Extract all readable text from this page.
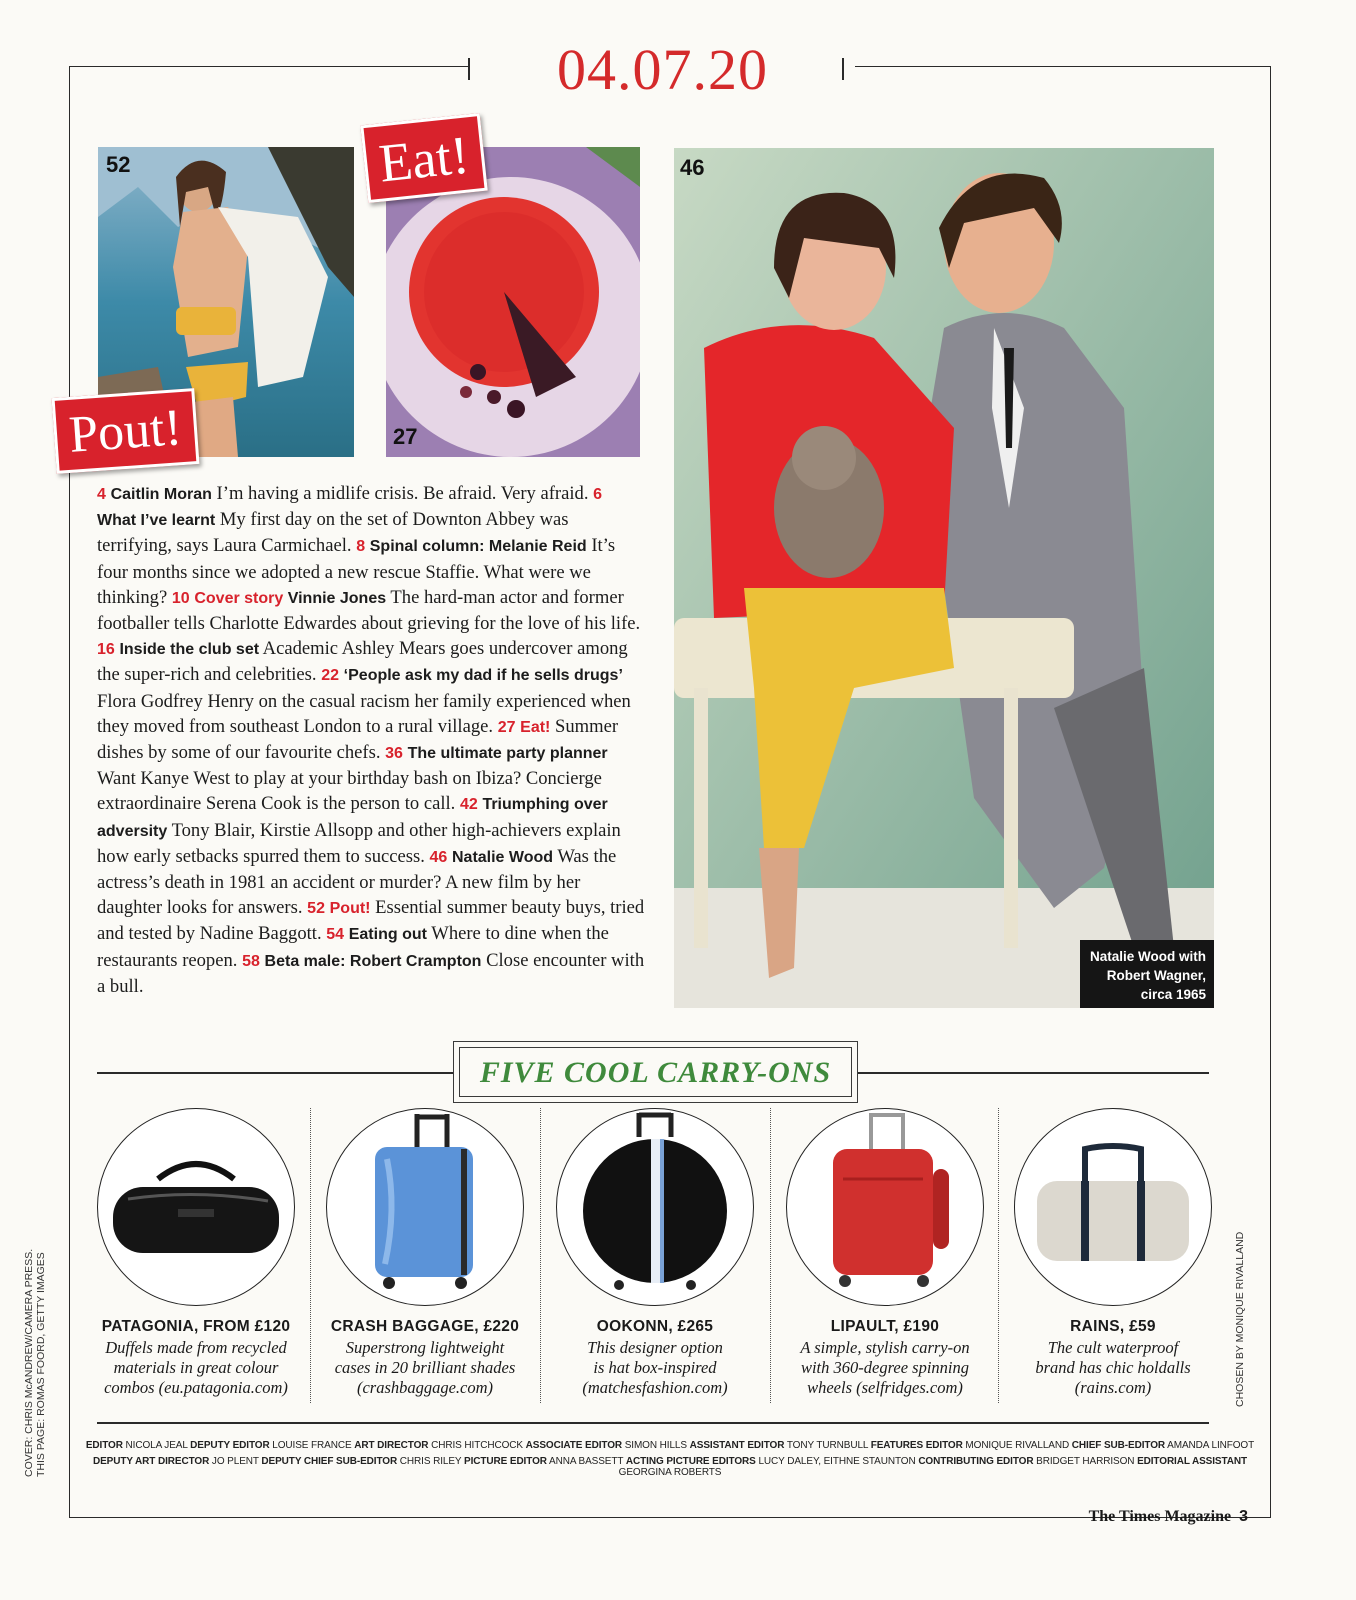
04.07.20
52
Pout!	27
Eat!	46
Natalie Wood with
Robert Wagner,
circa 1965
4 Caitlin Moran I’m having a midlife crisis. Be afraid. Very afraid. 6 What I’ve learnt My first day on the set of Downton Abbey was terrifying, says Laura Carmichael. 8 Spinal column: Melanie Reid It’s four months since we adopted a new rescue Staffie. What were we thinking? 10 Cover story Vinnie Jones The hard-man actor and former footballer tells Charlotte Edwardes about grieving for the love of his life. 16 Inside the club set Academic Ashley Mears goes undercover among the super-rich and celebrities. 22 ‘People ask my dad if he sells drugs’ Flora Godfrey Henry on the casual racism her family experienced when they moved from southeast London to a rural village. 27 Eat! Summer dishes by some of our favourite chefs. 36 The ultimate party planner Want Kanye West to play at your birthday bash on Ibiza? Concierge extraordinaire Serena Cook is the person to call. 42 Triumphing over adversity Tony Blair, Kirstie Allsopp and other high-achievers explain how early setbacks spurred them to success. 46 Natalie Wood Was the actress’s death in 1981 an accident or murder? A new film by her daughter looks for answers. 52 Pout! Essential summer beauty buys, tried and tested by Nadine Baggott. 54 Eating out Where to dine when the restaurants reopen. 58 Beta male: Robert Crampton Close encounter with a bull.
FIVE COOL CARRY-ONS
PATAGONIA, FROM £120
Duffels made from recycled
materials in great colour
combos (eu.patagonia.com)
CRASH BAGGAGE, £220
Superstrong lightweight
cases in 20 brilliant shades
(crashbaggage.com)
OOKONN, £265
This designer option
is hat box-inspired
(matchesfashion.com)
LIPAULT, £190
A simple, stylish carry-on
with 360-degree spinning
wheels (selfridges.com)
RAINS, £59
The cult waterproof
brand has chic holdalls
(rains.com)
EDITOR NICOLA JEAL DEPUTY EDITOR LOUISE FRANCE ART DIRECTOR CHRIS HITCHCOCK ASSOCIATE EDITOR SIMON HILLS ASSISTANT EDITOR TONY TURNBULL FEATURES EDITOR MONIQUE RIVALLAND CHIEF SUB-EDITOR AMANDA LINFOOT
DEPUTY ART DIRECTOR JO PLENT DEPUTY CHIEF SUB-EDITOR CHRIS RILEY PICTURE EDITOR ANNA BASSETT ACTING PICTURE EDITORS LUCY DALEY, EITHNE STAUNTON CONTRIBUTING EDITOR BRIDGET HARRISON EDITORIAL ASSISTANT GEORGINA ROBERTS
COVER: CHRIS McANDREW/CAMERA PRESS. THIS PAGE: ROMAS FOORD, GETTY IMAGES	CHOSEN BY MONIQUE RIVALLAND
The Times Magazine 3
